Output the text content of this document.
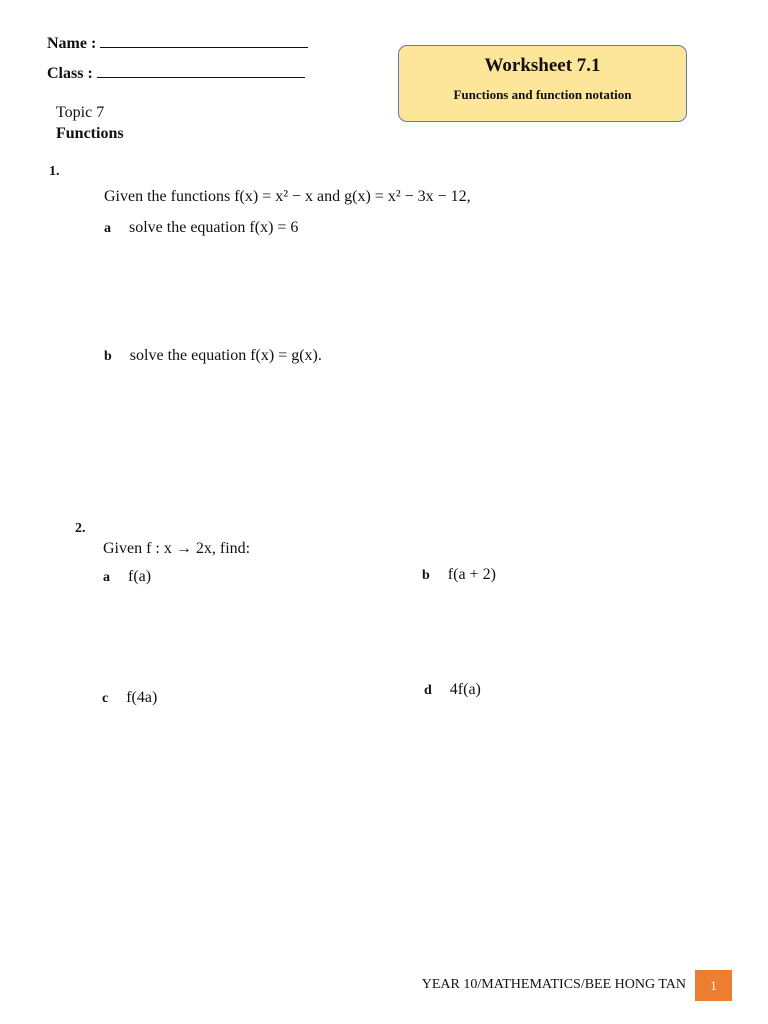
Name :
Class :	Worksheet 7.1
Functions and function notation
Topic 7
Functions
1.
Given the functions f(x) = x² − x and g(x) = x² − 3x − 12,
a solve the equation f(x) = 6
b solve the equation f(x) = g(x).
2.
Given f : x → 2x, find:
a f(a)	b f(a + 2)
c f(4a)	d 4f(a)
YEAR 10/MATHEMATICS/BEE HONG TAN	1
